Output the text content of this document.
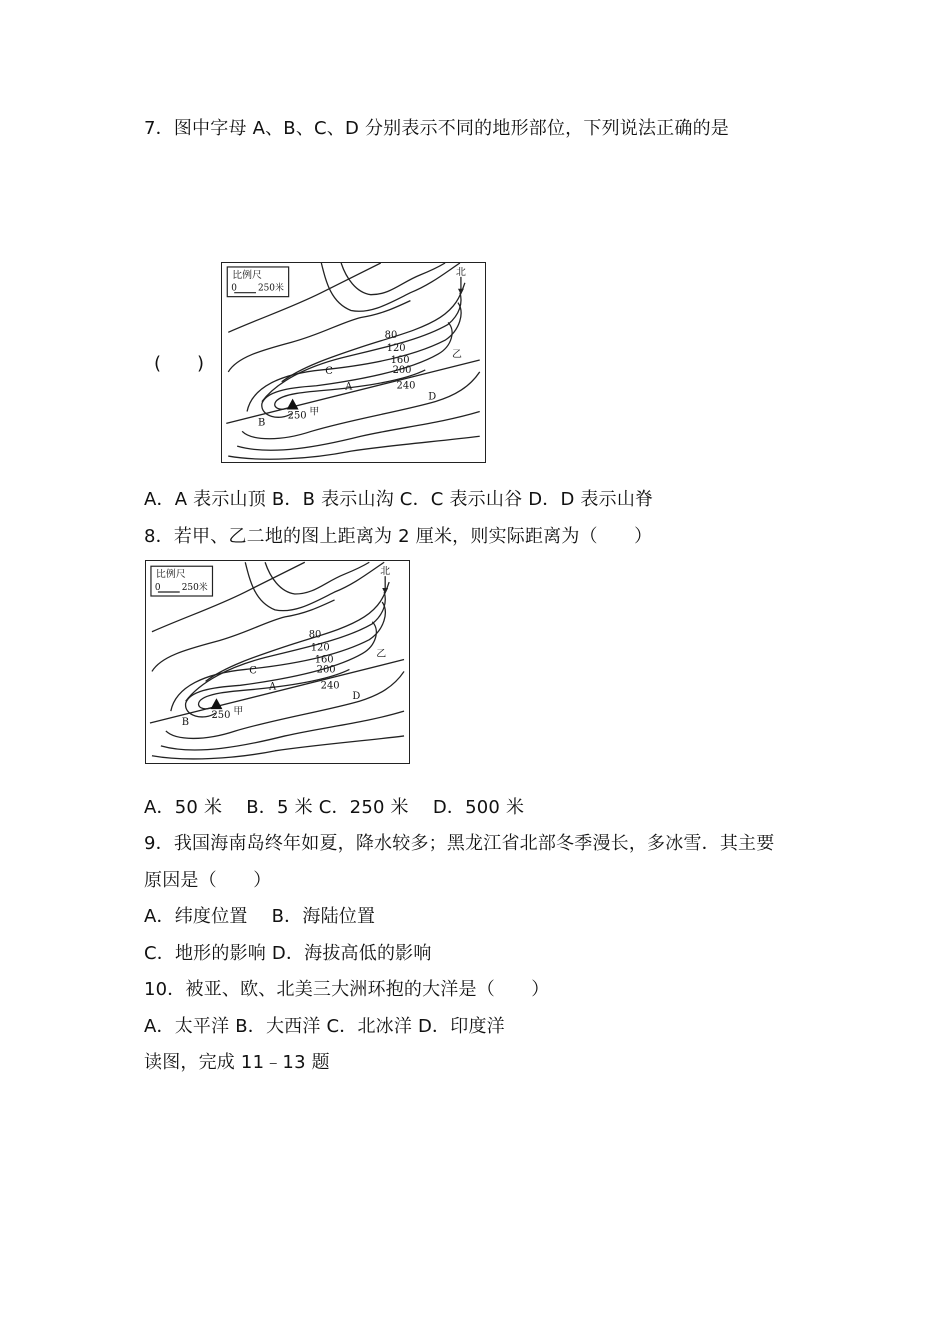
7．图中字母 A、B、C、D 分别表示不同的地形部位，下列说法正确的是
(　　)
比例尺
0 250米
北
80
120
160
200
240
250 甲
乙
A
B
C
D
A．A 表示山顶 B．B 表示山沟 C．C 表示山谷 D．D 表示山脊
8．若甲、乙二地的图上距离为 2 厘米，则实际距离为（　　）
比例尺
0 250米
北
80
120
160
200
240
250 甲
乙
A
B
C
D
A．50 米　 B．5 米 C．250 米　 D．500 米
9．我国海南岛终年如夏，降水较多；黑龙江省北部冬季漫长，多冰雪．其主要
原因是（　　）
A．纬度位置　 B．海陆位置
C．地形的影响 D．海拔高低的影响
10．被亚、欧、北美三大洲环抱的大洋是（　　）
A．太平洋 B．大西洋 C．北冰洋 D．印度洋
读图，完成 11﹣13 题
